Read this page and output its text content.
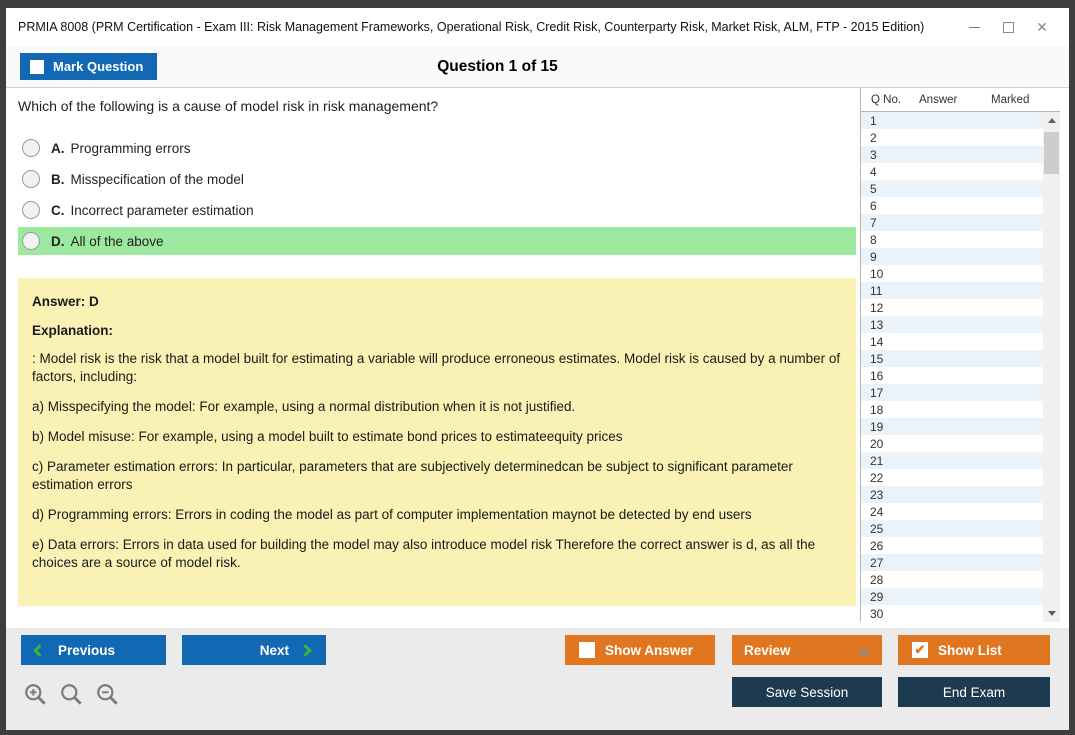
PRMIA 8008 (PRM Certification - Exam III: Risk Management Frameworks, Operational Risk, Credit Risk, Counterparty Risk, Market Risk, ALM, FTP - 2015 Edition)	✕
Mark Question	Question 1 of 15
Which of the following is a cause of model risk in risk management?
A. Programming errors
B. Misspecification of the model
C. Incorrect parameter estimation
D. All of the above
Answer: D
Explanation:

: Model risk is the risk that a model built for estimating a variable will produce erroneous estimates. Model risk is caused by a number of factors, including:

a) Misspecifying the model: For example, using a normal distribution when it is not justified.

b) Model misuse: For example, using a model built to estimate bond prices to estimateequity prices

c) Parameter estimation errors: In particular, parameters that are subjectively determinedcan be subject to significant parameter estimation errors

d) Programming errors: Errors in coding the model as part of computer implementation maynot be detected by end users

e) Data errors: Errors in data used for building the model may also introduce model risk Therefore the correct answer is d, as all the choices are a source of model risk.

Q No.	Answer	Marked
1
2
3
4
5
6
7
8
9
10
11
12
13
14
15
16
17
18
19
20
21
22
23
24
25
26
27
28
29
30
Previous	Next	Show Answer	Review	✔ Show List
Save Session	End Exam
